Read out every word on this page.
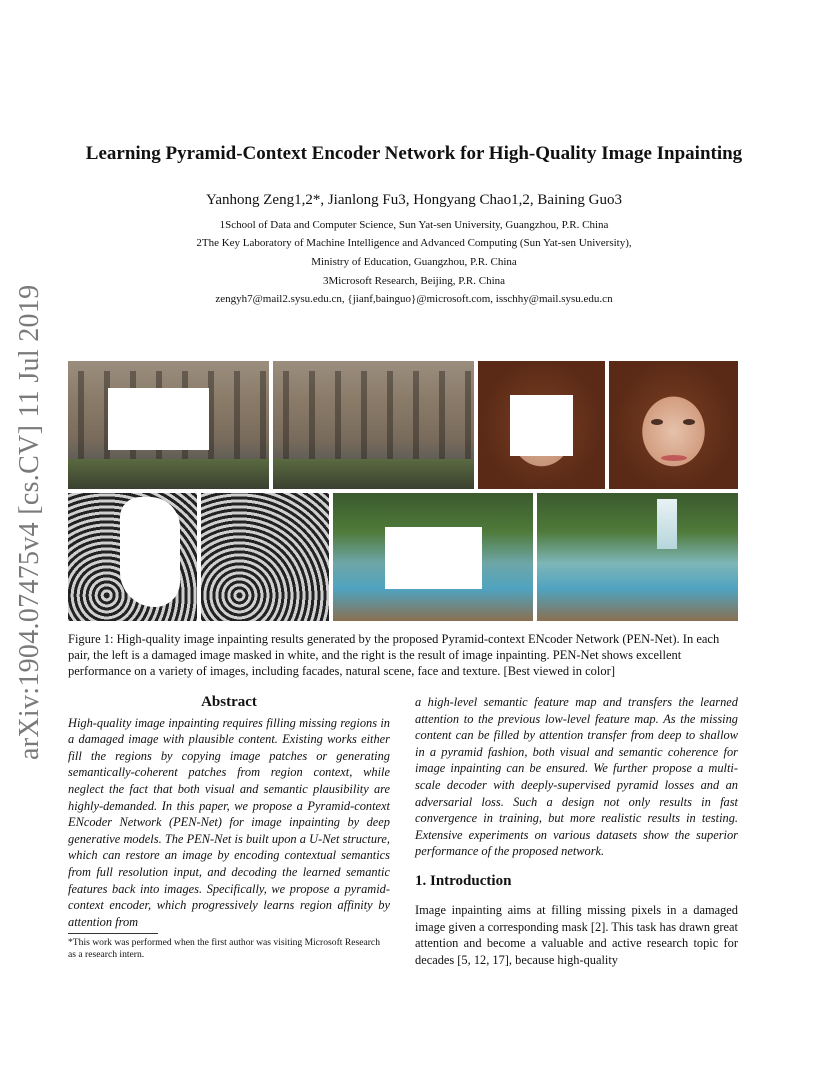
arXiv:1904.07475v4 [cs.CV] 11 Jul 2019
Learning Pyramid-Context Encoder Network for High-Quality Image Inpainting
Yanhong Zeng1,2*, Jianlong Fu3, Hongyang Chao1,2, Baining Guo3
1School of Data and Computer Science, Sun Yat-sen University, Guangzhou, P.R. China
2The Key Laboratory of Machine Intelligence and Advanced Computing (Sun Yat-sen University),
Ministry of Education, Guangzhou, P.R. China
3Microsoft Research, Beijing, P.R. China
zengyh7@mail2.sysu.edu.cn, {jianf,bainguo}@microsoft.com, isschhy@mail.sysu.edu.cn
Figure 1: High-quality image inpainting results generated by the proposed Pyramid-context ENcoder Network (PEN-Net). In each pair, the left is a damaged image masked in white, and the right is the result of image inpainting. PEN-Net shows excellent performance on a variety of images, including facades, natural scene, face and texture. [Best viewed in color]
Abstract
High-quality image inpainting requires filling missing regions in a damaged image with plausible content. Existing works either fill the regions by copying image patches or generating semantically-coherent patches from region context, while neglect the fact that both visual and semantic plausibility are highly-demanded. In this paper, we propose a Pyramid-context ENcoder Network (PEN-Net) for image inpainting by deep generative models. The PEN-Net is built upon a U-Net structure, which can restore an image by encoding contextual semantics from full resolution input, and decoding the learned semantic features back into images. Specifically, we propose a pyramid-context encoder, which progressively learns region affinity by attention from
a high-level semantic feature map and transfers the learned attention to the previous low-level feature map. As the missing content can be filled by attention transfer from deep to shallow in a pyramid fashion, both visual and semantic coherence for image inpainting can be ensured. We further propose a multi-scale decoder with deeply-supervised pyramid losses and an adversarial loss. Such a design not only results in fast convergence in training, but more realistic results in testing. Extensive experiments on various datasets show the superior performance of the proposed network.
1. Introduction
Image inpainting aims at filling missing pixels in a damaged image given a corresponding mask [2]. This task has drawn great attention and become a valuable and active research topic for decades [5, 12, 17], because high-quality
*This work was performed when the first author was visiting Microsoft Research as a research intern.
